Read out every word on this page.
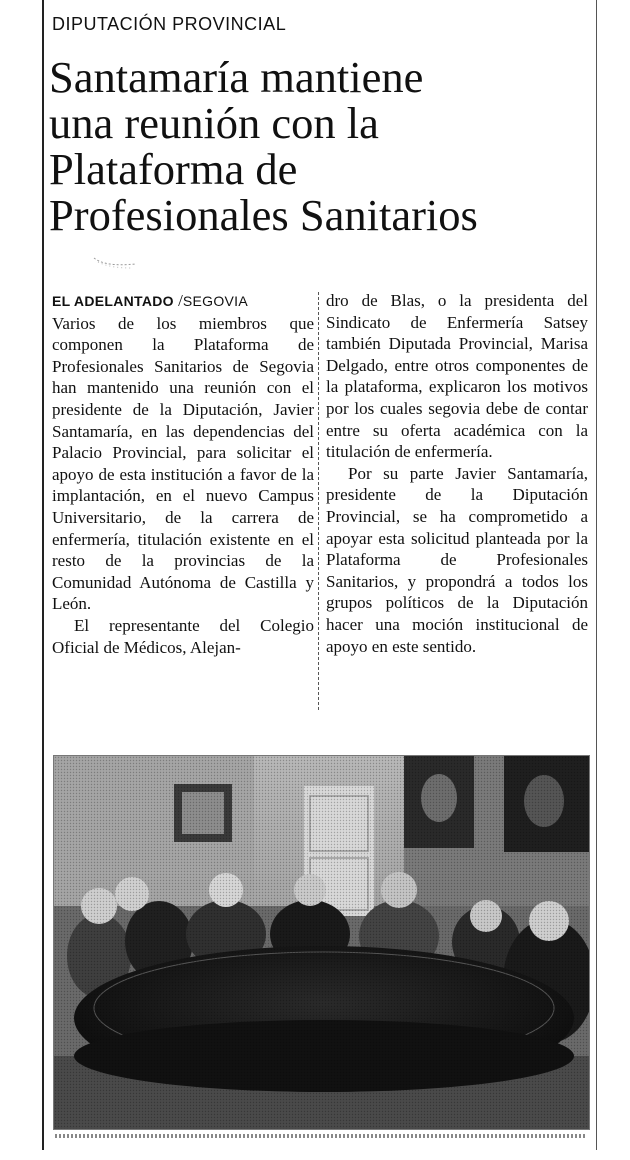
DIPUTACIÓN PROVINCIAL
Santamaría mantiene
una reunión con la
Plataforma de
Profesionales Sanitarios
EL ADELANTADO /SEGOVIA

Varios de los miembros que componen la Plataforma de Profesionales Sanitarios de Segovia han mantenido una reunión con el presidente de la Diputación, Javier Santamaría, en las dependencias del Palacio Provincial, para solicitar el apoyo de esta institución a favor de la implantación, en el nuevo Campus Universitario, de la carrera de enfermería, titulación existente en el resto de la provincias de la Comunidad Autónoma de Castilla y León.

El representante del Colegio Oficial de Médicos, Alejan-

dro de Blas, o la presidenta del Sindicato de Enfermería Satsey también Diputada Provincial, Marisa Delgado, entre otros componentes de la plataforma, explicaron los motivos por los cuales segovia debe de contar entre su oferta académica con la titulación de enfermería.

Por su parte Javier Santamaría, presidente de la Diputación Provincial, se ha comprometido a apoyar esta solicitud planteada por la Plataforma de Profesionales Sanitarios, y propondrá a todos los grupos políticos de la Diputación hacer una moción institucional de apoyo en este sentido.
